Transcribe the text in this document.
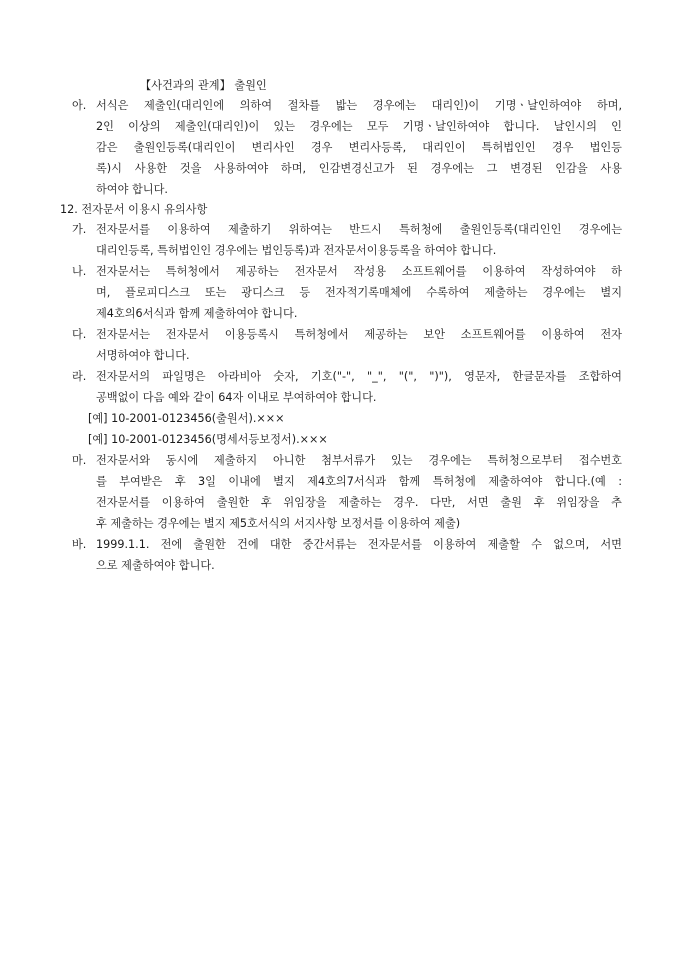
【사건과의 관계】 출원인
아. 서식은 제출인(대리인에 의하여 절차를 밟는 경우에는 대리인)이 기명ㆍ날인하여야 하며,
2인 이상의 제출인(대리인)이 있는 경우에는 모두 기명ㆍ날인하여야 합니다. 날인시의 인
감은 출원인등록(대리인이 변리사인 경우 변리사등록, 대리인이 특허법인인 경우 법인등
록)시 사용한 것을 사용하여야 하며, 인감변경신고가 된 경우에는 그 변경된 인감을 사용
하여야 합니다.
12. 전자문서 이용시 유의사항
가. 전자문서를 이용하여 제출하기 위하여는 반드시 특허청에 출원인등록(대리인인 경우에는
대리인등록, 특허법인인 경우에는 법인등록)과 전자문서이용등록을 하여야 합니다.
나. 전자문서는 특허청에서 제공하는 전자문서 작성용 소프트웨어를 이용하여 작성하여야 하
며, 플로피디스크 또는 광디스크 등 전자적기록매체에 수록하여 제출하는 경우에는 별지
제4호의6서식과 함께 제출하여야 합니다.
다. 전자문서는 전자문서 이용등록시 특허청에서 제공하는 보안 소프트웨어를 이용하여 전자
서명하여야 합니다.
라. 전자문서의 파일명은 아라비아 숫자, 기호("-", "_", "(", ")"), 영문자, 한글문자를 조합하여
공백없이 다음 예와 같이 64자 이내로 부여하여야 합니다.
[예] 10-2001-0123456(출원서).×××
[예] 10-2001-0123456(명세서등보정서).×××
마. 전자문서와 동시에 제출하지 아니한 첨부서류가 있는 경우에는 특허청으로부터 접수번호
를 부여받은 후 3일 이내에 별지 제4호의7서식과 함께 특허청에 제출하여야 합니다.(예 :
전자문서를 이용하여 출원한 후 위임장을 제출하는 경우. 다만, 서면 출원 후 위임장을 추
후 제출하는 경우에는 별지 제5호서식의 서지사항 보정서를 이용하여 제출)
바. 1999.1.1. 전에 출원한 건에 대한 중간서류는 전자문서를 이용하여 제출할 수 없으며, 서면
으로 제출하여야 합니다.
